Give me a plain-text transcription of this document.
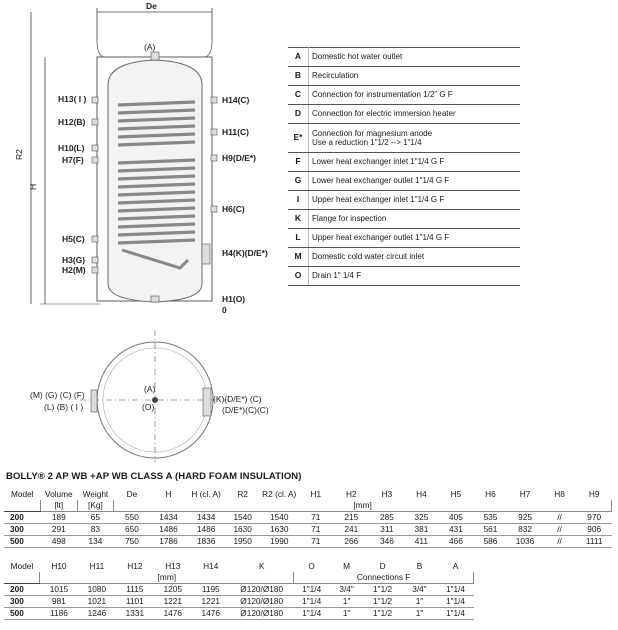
De
R2
H
(A)
H13( I )
H12(B)
H10(L)
H7(F)
H5(C)
H3(G)
H2(M)
H14(C)
H11(C)
H9(D/E*)
H6(C)
H4(K)(D/E*)
H1(O)
0
(A)
(O)
(M) (G) (C) (F)
(L) (B) ( I )
(K)(D/E*) (C)
(D/E*)(C)(C)
A	Domestic hot water outlet
B	Recirculation
C	Connection for instrumentation 1/2" G F
D	Connection for electric immersion heater
E*	Connection for magnesium anode
Use a reduction 1"1/2 --> 1"1/4

F	Lower heat exchanger inlet 1"1/4 G F
G	Lower heat exchanger outlet 1"1/4 G F
I	Upper heat exchanger inlet 1"1/4 G F
K	Flange for inspection
L	Upper heat exchanger outlet 1"1/4 G F
M	Domestic cold water circuit inlet
O	Drain 1" 1/4 F
BOLLY® 2 AP WB +AP WB CLASS A (HARD FOAM INSULATION)
Model	Volume	Weight	De	H	H (cl. A)	R2	R2 (cl. A)	H1	H2	H3	H4	H5	H6	H7	H8	H9
	[lt]	[Kg]	[mm]													
200	189	65	550	1434	1434	1540	1540	71	215	285	325	405	535	925	//	970
300	291	83	650	1486	1486	1630	1630	71	241	311	381	431	561	832	//	906
500	498	134	750	1786	1836	1950	1990	71	266	346	411	466	586	1036	//	1111
Model	H10	H11	H12	H13	H14	K	O	M	D	B	A
	[mm]						Connections F				
200	1015	1080	1115	1205	1195	Ø120/Ø180	1"1/4	3/4"	1"1/2	3/4"	1"1/4
300	981	1021	1101	1221	1221	Ø120/Ø180	1"1/4	1"	1"1/2	1"	1"1/4
500	1186	1246	1331	1476	1476	Ø120/Ø180	1"1/4	1"	1"1/2	1"	1"1/4
